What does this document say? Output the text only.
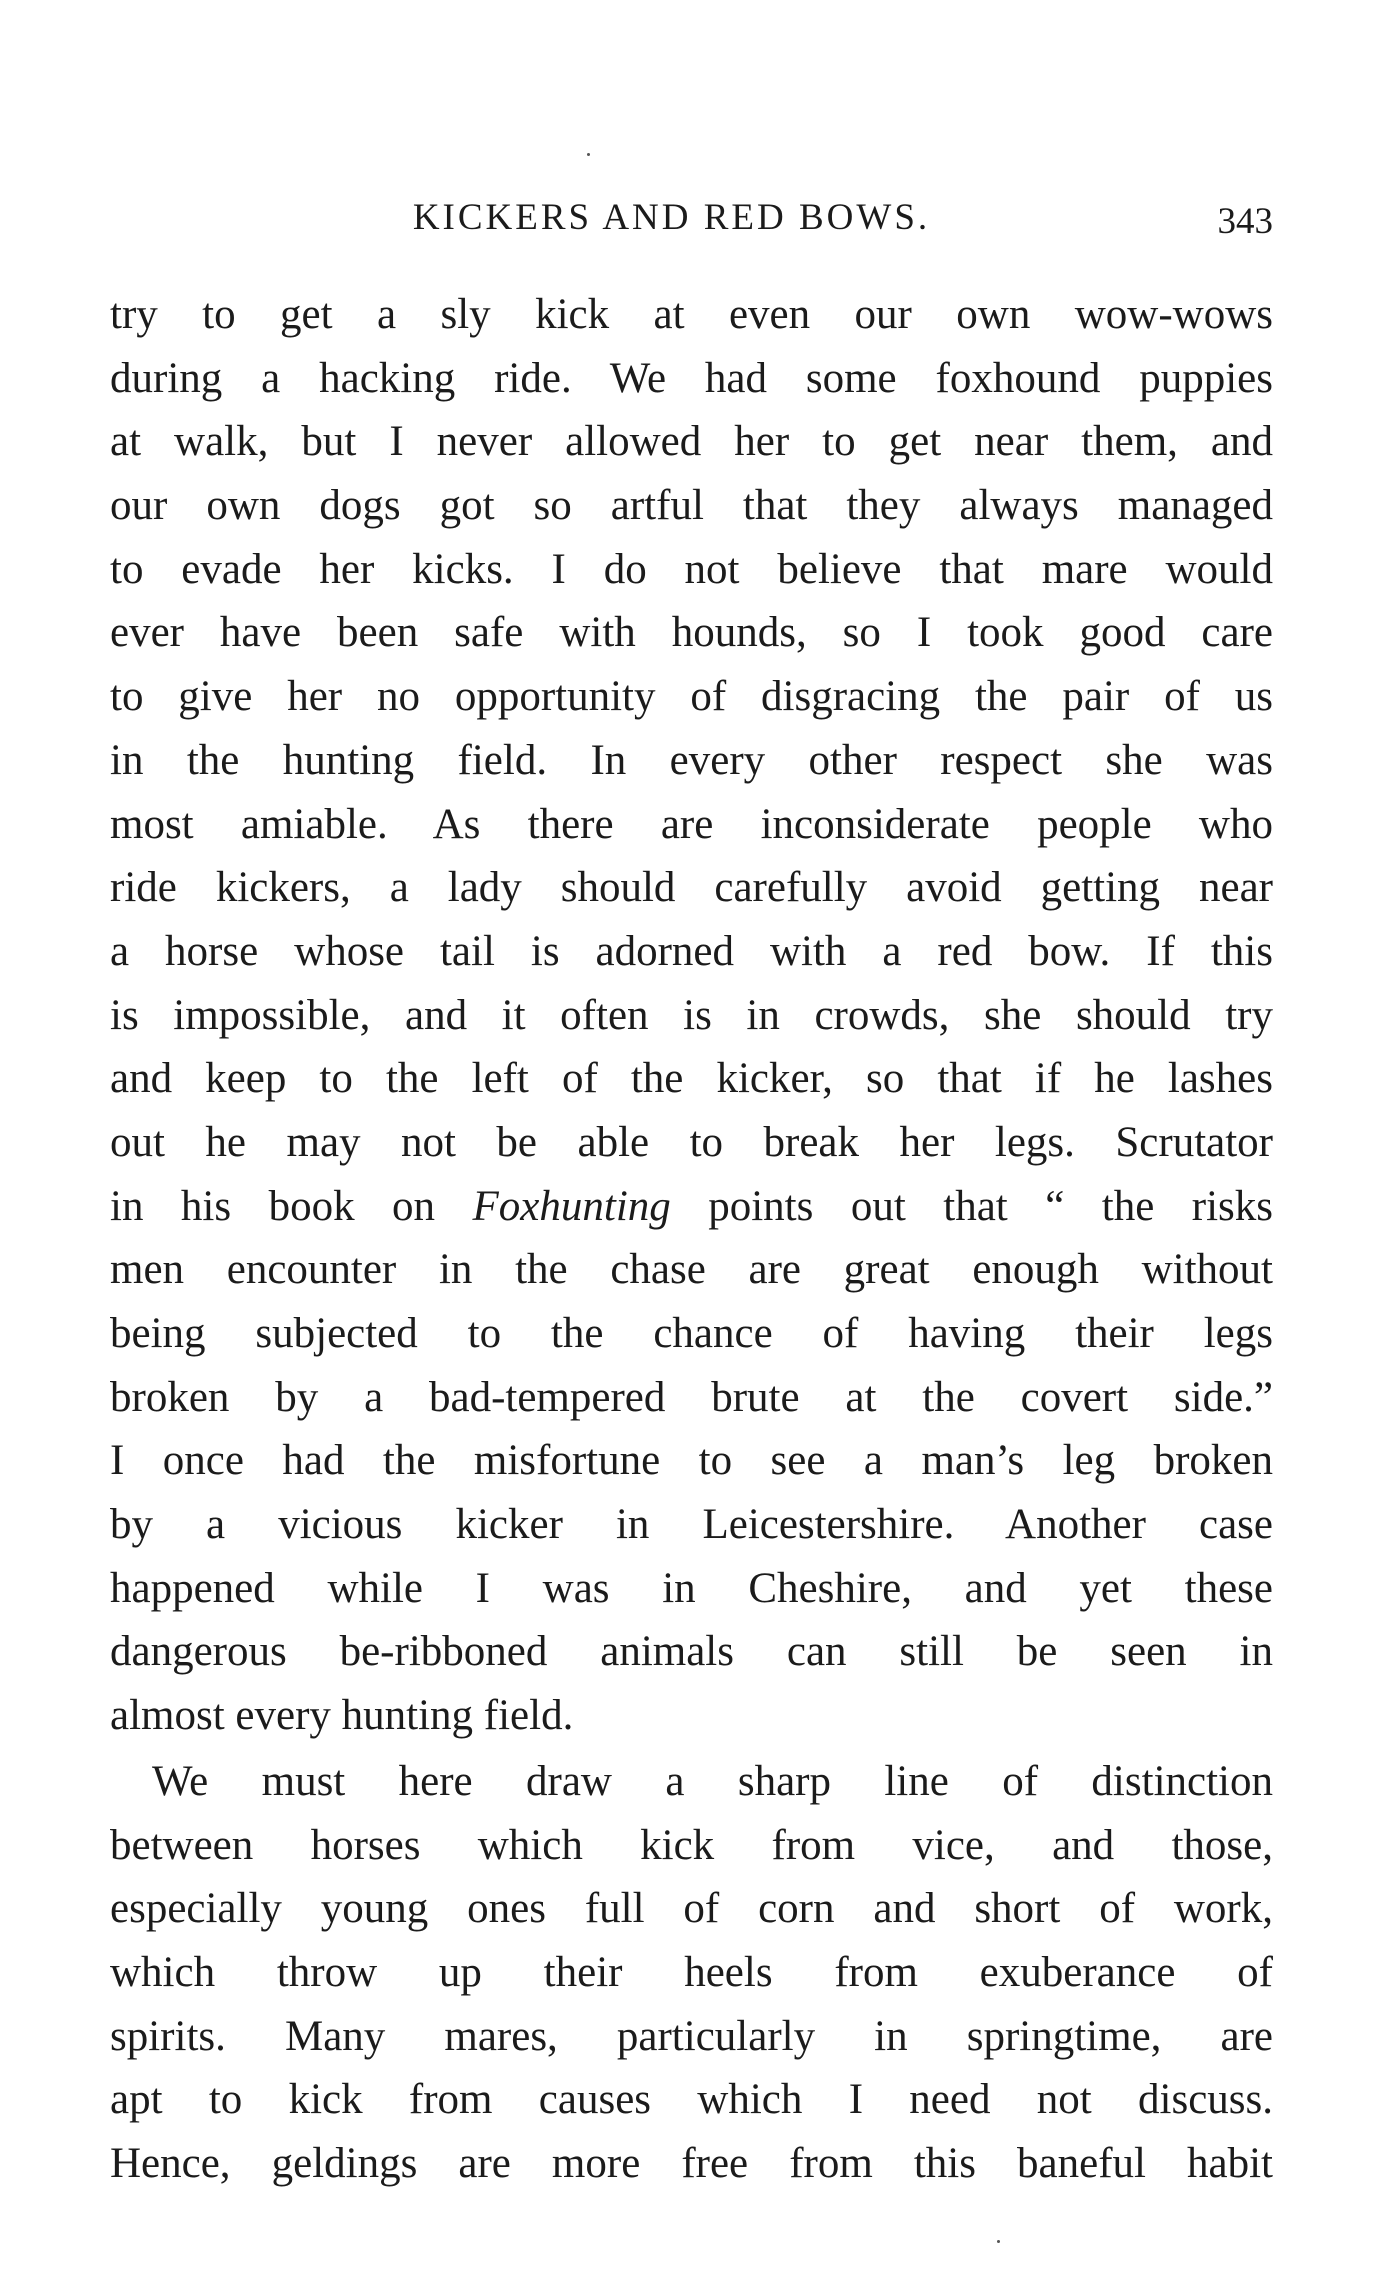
KICKERS AND RED BOWS.	343
try to get a sly kick at even our own wow-wows
during a hacking ride. We had some foxhound puppies
at walk, but I never allowed her to get near them, and
our own dogs got so artful that they always managed
to evade her kicks. I do not believe that mare would
ever have been safe with hounds, so I took good care
to give her no opportunity of disgracing the pair of us
in the hunting field. In every other respect she was
most amiable. As there are inconsiderate people who
ride kickers, a lady should carefully avoid getting near
a horse whose tail is adorned with a red bow. If this
is impossible, and it often is in crowds, she should try
and keep to the left of the kicker, so that if he lashes
out he may not be able to break her legs. Scrutator
in his book on Foxhunting points out that “ the risks
men encounter in the chase are great enough without
being subjected to the chance of having their legs
broken by a bad-tempered brute at the covert side.”
I once had the misfortune to see a man’s leg broken
by a vicious kicker in Leicestershire. Another case
happened while I was in Cheshire, and yet these
dangerous be-ribboned animals can still be seen in
almost every hunting field.
We must here draw a sharp line of distinction
between horses which kick from vice, and those,
especially young ones full of corn and short of work,
which throw up their heels from exuberance of
spirits. Many mares, particularly in springtime, are
apt to kick from causes which I need not discuss.
Hence, geldings are more free from this baneful habit
